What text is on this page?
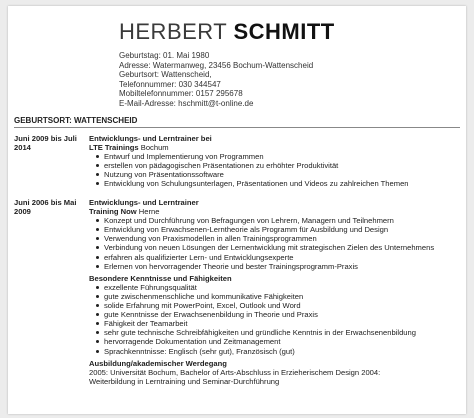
HERBERT SCHMITT
Geburtstag: 01. Mai 1980
Adresse: Watermanweg, 23456 Bochum-Wattenscheid
Geburtsort: Wattenscheid,
Telefonnummer: 030 344547
Mobiltelefonnummer: 0157 295678
E-Mail-Adresse: hschmitt@t-online.de
GEBURTSORT: WATTENSCHEID
Juni 2009 bis Juli 2014
Entwicklungs- und Lerntrainer bei
LTE Trainings Bochum
Entwurf und Implementierung von Programmen
erstellen von pädagogischen Präsentationen zu erhöhter Produktivität
Nutzung von Präsentationssoftware
Entwicklung von Schulungsunterlagen, Präsentationen und Videos zu zahlreichen Themen
Juni 2006 bis Mai 2009
Entwicklungs- und Lerntrainer
Training Now Herne
Konzept und Durchführung von Befragungen von Lehrern, Managern und Teilnehmern
Entwicklung von Erwachsenen-Lerntheorie als Programm für Ausbildung und Design
Verwendung von Praxismodellen in allen Trainingsprogrammen
Verbindung von neuen Lösungen der Lernentwicklung mit strategischen Zielen des Unternehmens
erfahren als qualifizierter Lern- und Entwicklungsexperte
Erlernen von hervorragender Theorie und bester Trainingsprogramm-Praxis
Besondere Kenntnisse und Fähigkeiten
exzellente Führungsqualität
gute zwischenmenschliche und kommunikative Fähigkeiten
solide Erfahrung mit PowerPoint, Excel, Outlook und Word
gute Kenntnisse der Erwachsenenbildung in Theorie und Praxis
Fähigkeit der Teamarbeit
sehr gute technische Schreibfähigkeiten und gründliche Kenntnis in der Erwachsenenbildung
hervorragende Dokumentation und Zeitmanagement
Sprachkenntnisse: Englisch (sehr gut), Französisch (gut)
Ausbildung/akademischer Werdegang
2005: Universität Bochum, Bachelor of Arts-Abschluss in Erzieherischem Design 2004:
Weiterbildung in Lerntraining und Seminar-Durchführung
